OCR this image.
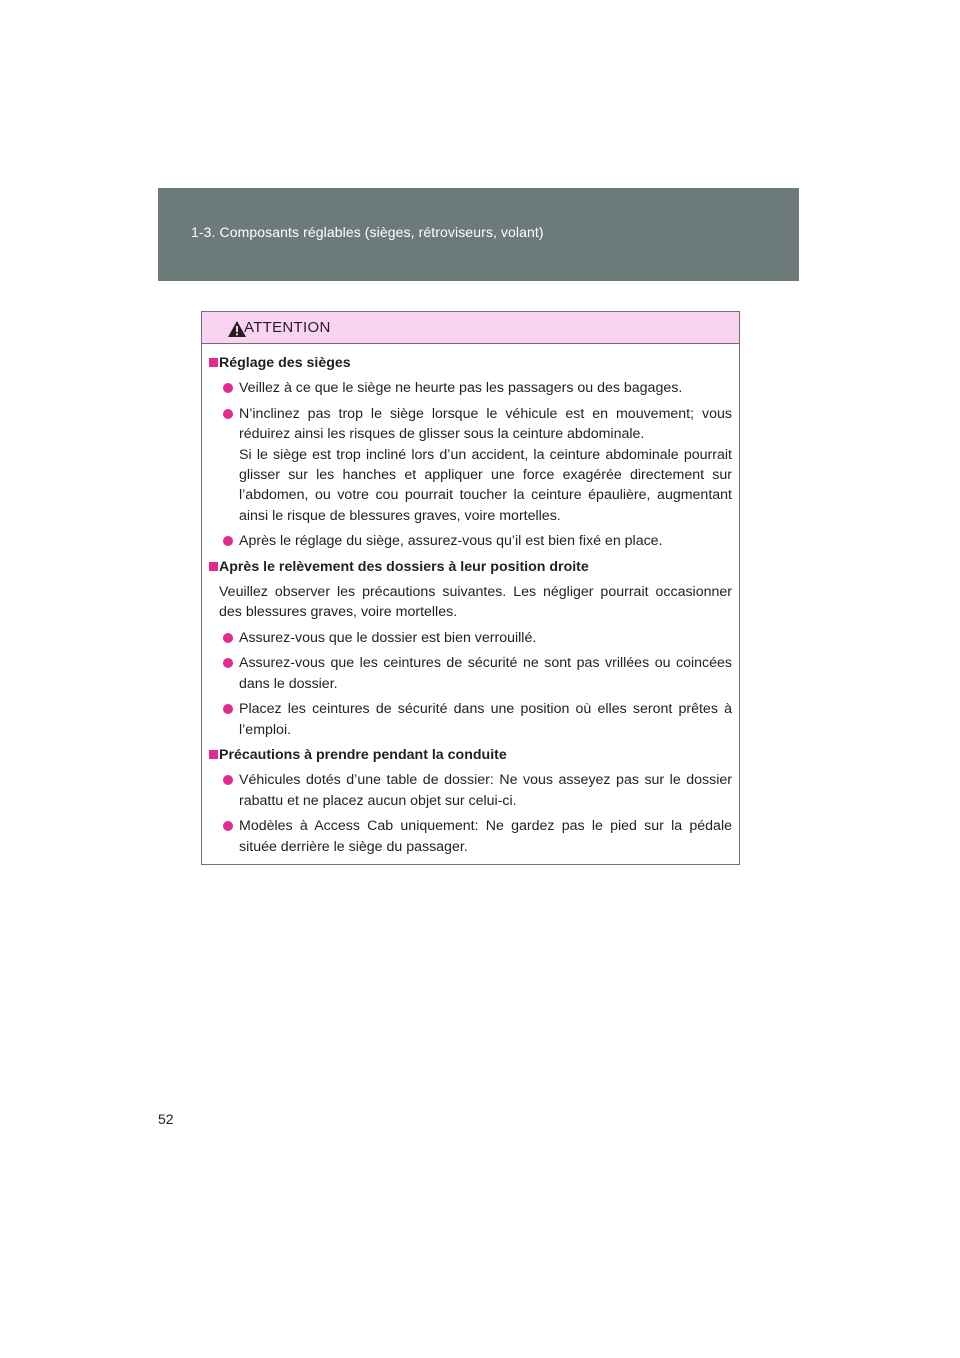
1-3. Composants réglables (sièges, rétroviseurs, volant)
ATTENTION
Réglage des sièges
Veillez à ce que le siège ne heurte pas les passagers ou des bagages.
N’inclinez pas trop le siège lorsque le véhicule est en mouvement; vous réduirez ainsi les risques de glisser sous la ceinture abdominale.
Si le siège est trop incliné lors d’un accident, la ceinture abdominale pourrait glisser sur les hanches et appliquer une force exagérée directement sur l’abdomen, ou votre cou pourrait toucher la ceinture épaulière, augmentant ainsi le risque de blessures graves, voire mortelles.
Après le réglage du siège, assurez-vous qu’il est bien fixé en place.
Après le relèvement des dossiers à leur position droite
Veuillez observer les précautions suivantes. Les négliger pourrait occasionner des blessures graves, voire mortelles.
Assurez-vous que le dossier est bien verrouillé.
Assurez-vous que les ceintures de sécurité ne sont pas vrillées ou coincées dans le dossier.
Placez les ceintures de sécurité dans une position où elles seront prêtes à l’emploi.
Précautions à prendre pendant la conduite
Véhicules dotés d’une table de dossier: Ne vous asseyez pas sur le dossier rabattu et ne placez aucun objet sur celui-ci.
Modèles à Access Cab uniquement: Ne gardez pas le pied sur la pédale située derrière le siège du passager.
52
